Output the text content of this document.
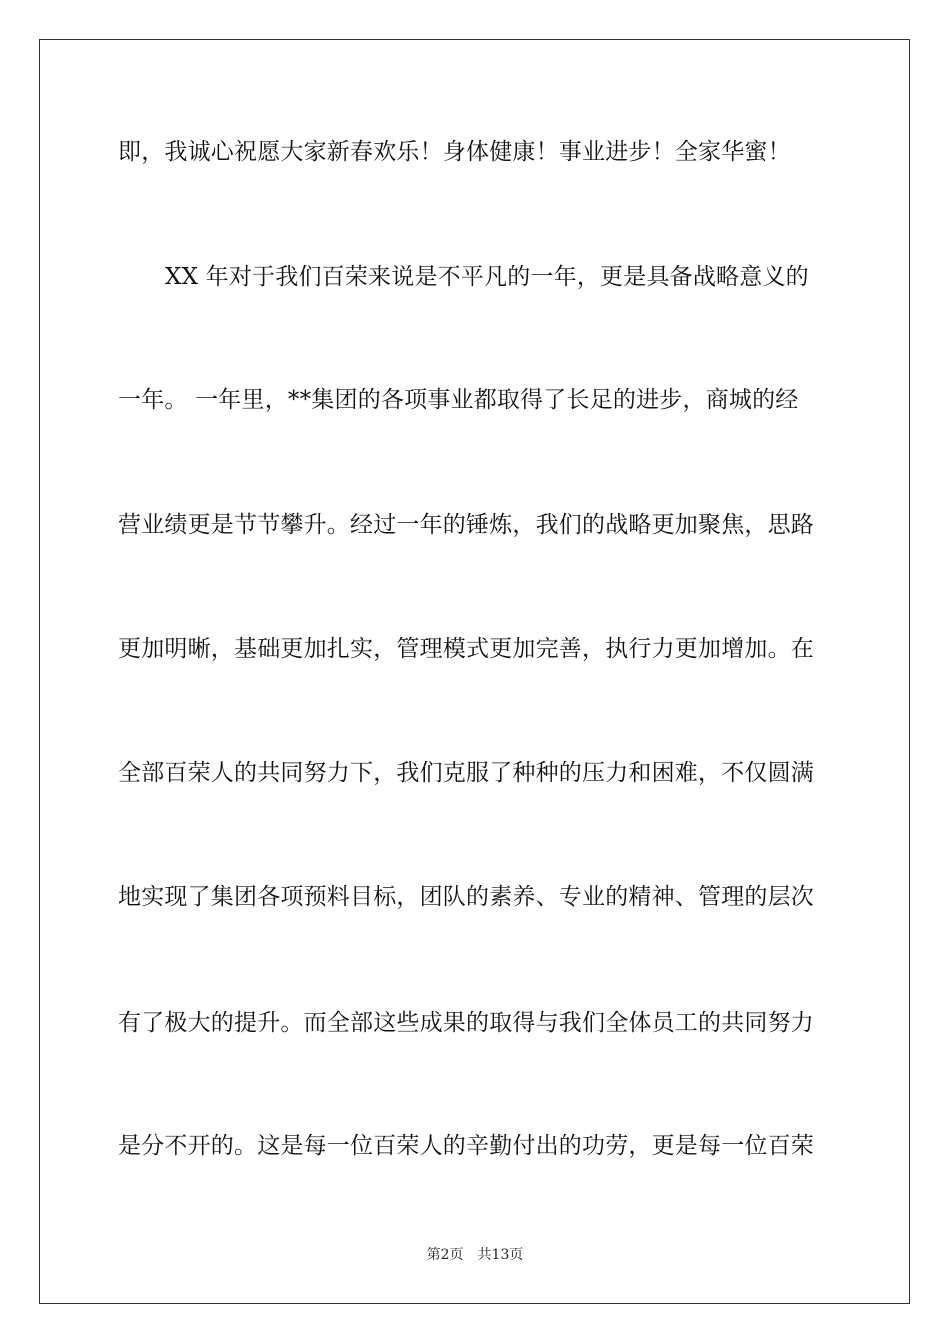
即，我诚心祝愿大家新春欢乐！身体健康！事业进步！全家华蜜！
XX 年对于我们百荣来说是不平凡的一年，更是具备战略意义的
一年。 一年里，**集团的各项事业都取得了长足的进步，商城的经
营业绩更是节节攀升。经过一年的锤炼，我们的战略更加聚焦，思路
更加明晰，基础更加扎实，管理模式更加完善，执行力更加增加。在
全部百荣人的共同努力下，我们克服了种种的压力和困难，不仅圆满
地实现了集团各项预料目标，团队的素养、专业的精神、管理的层次
有了极大的提升。而全部这些成果的取得与我们全体员工的共同努力
是分不开的。这是每一位百荣人的辛勤付出的功劳，更是每一位百荣
第2页 共13页
